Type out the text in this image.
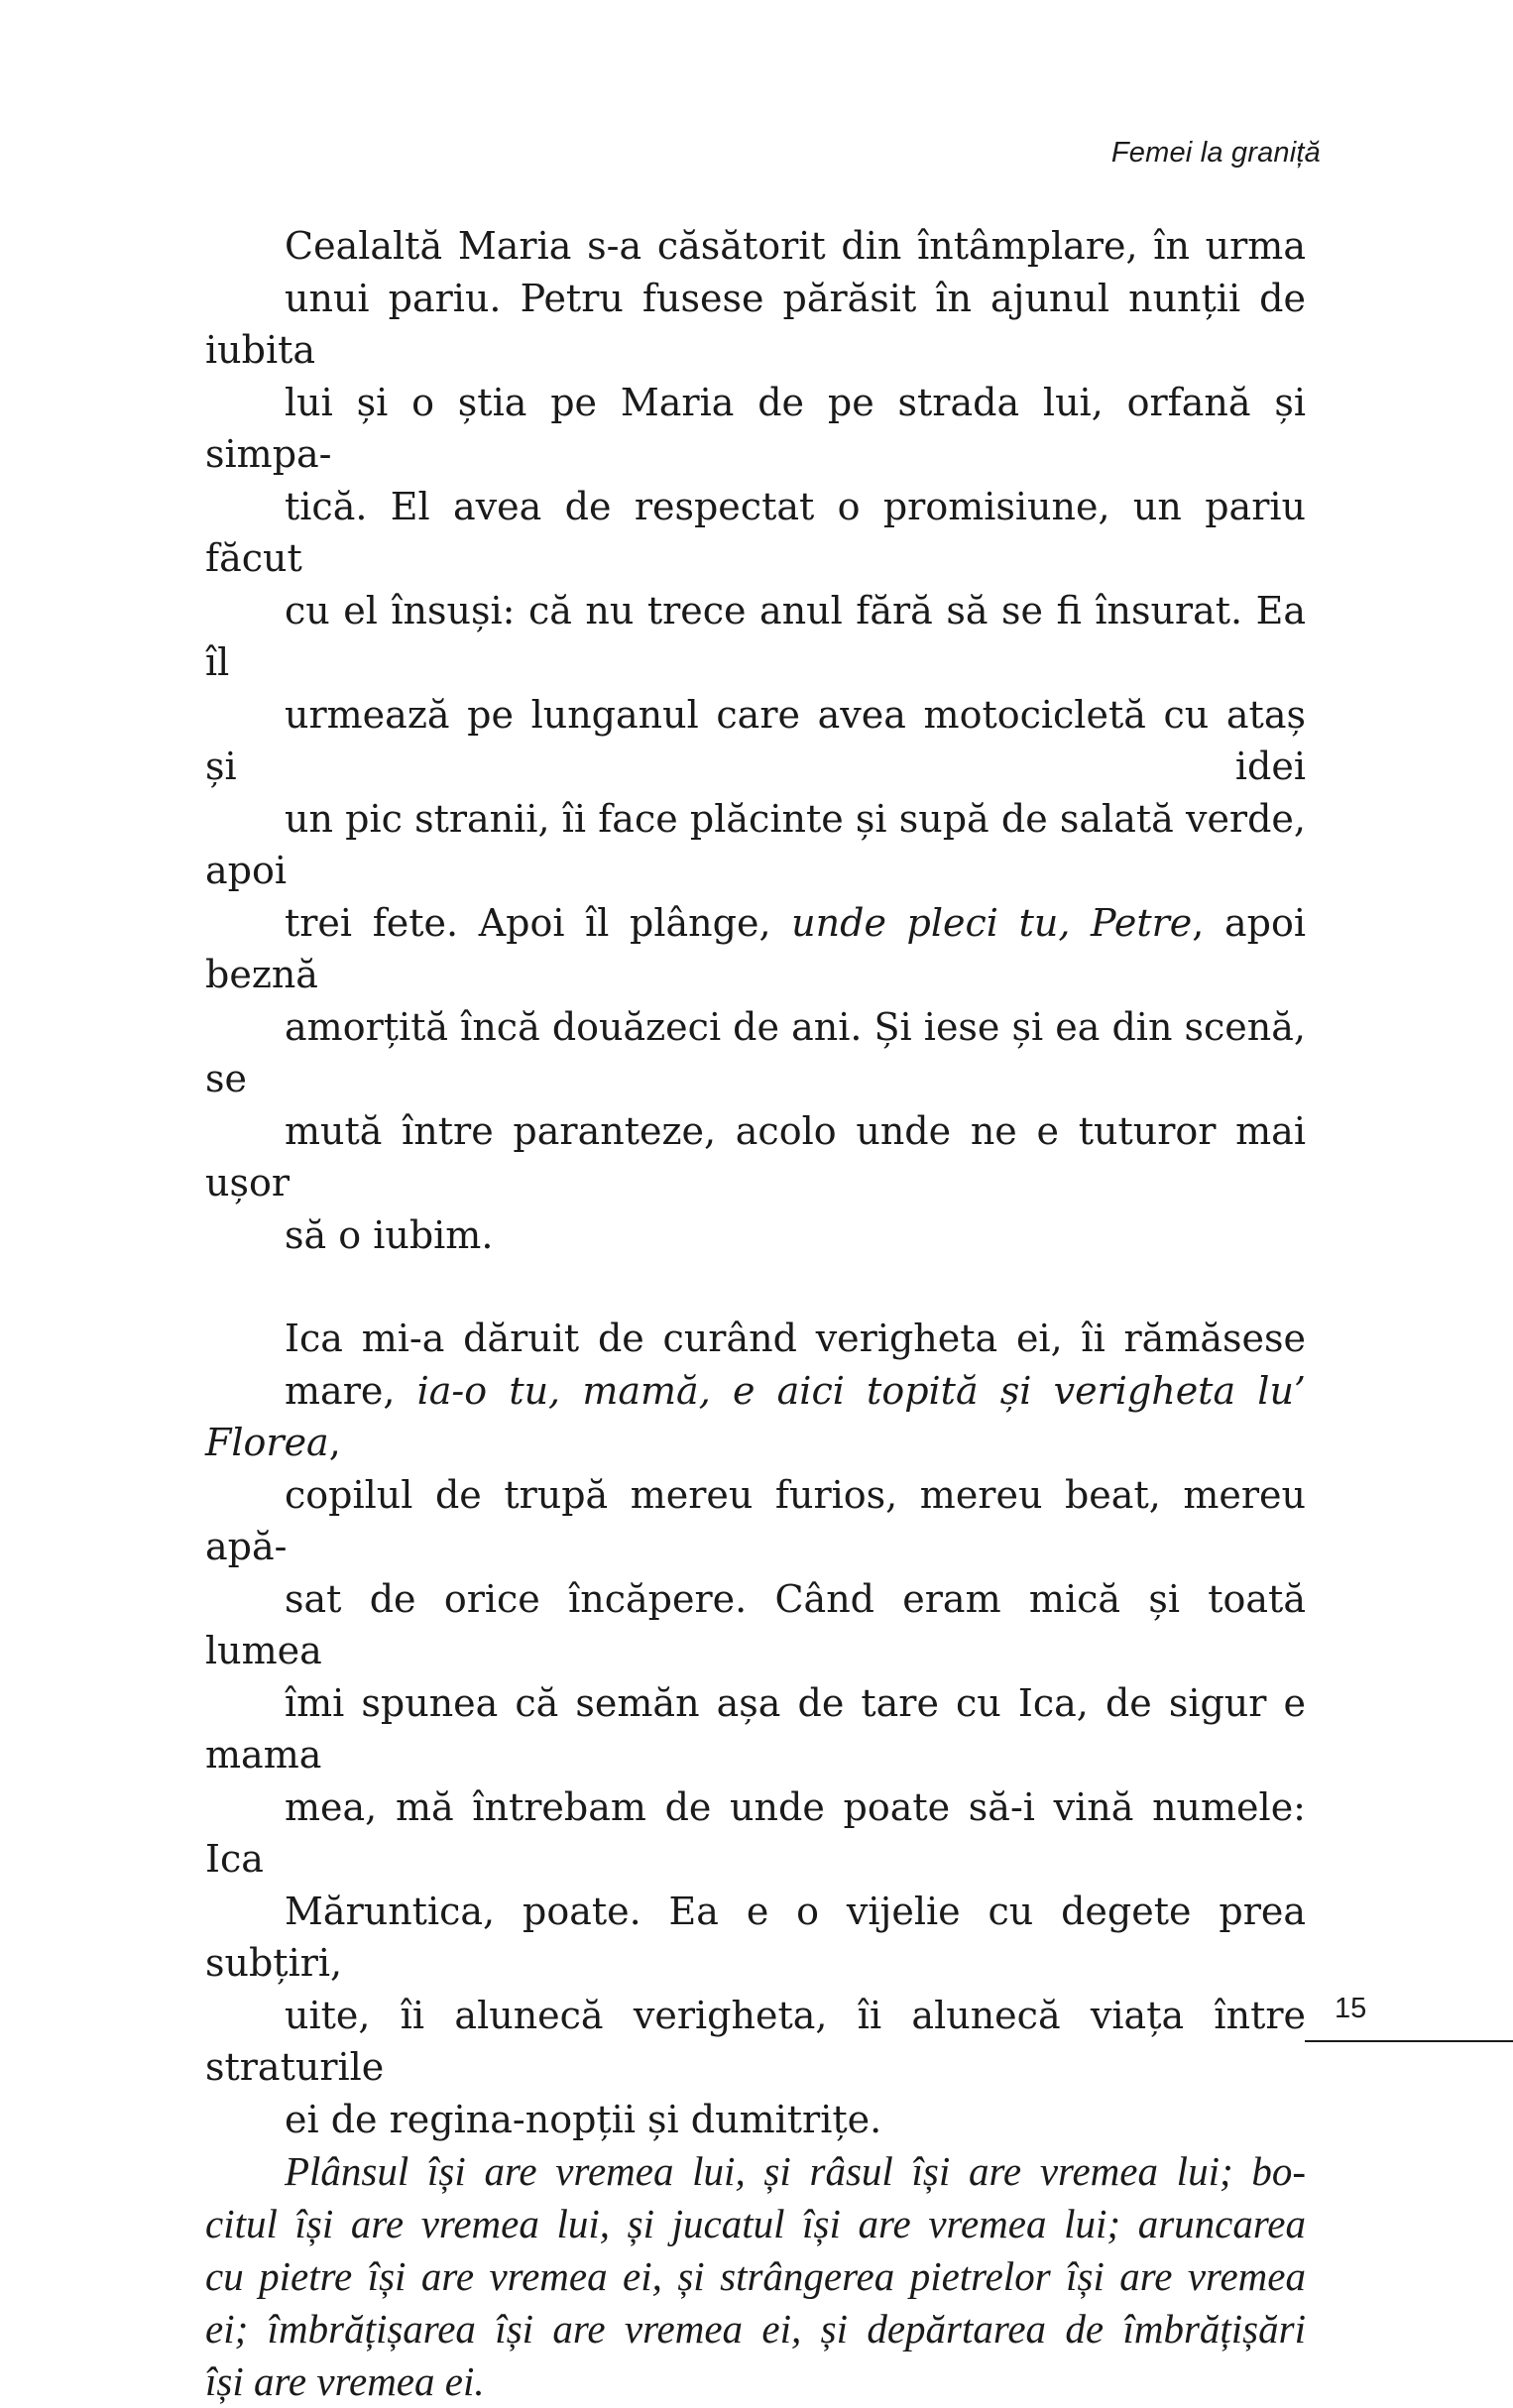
Femei la graniță

Cealaltă Maria s-a căsătorit din întâmplare, în urma
unui pariu. Petru fusese părăsit în ajunul nunții de iubita
lui și o știa pe Maria de pe strada lui, orfană și simpa-
tică. El avea de respectat o promisiune, un pariu făcut
cu el însuși: că nu trece anul fără să se fi însurat. Ea îl
urmează pe lunganul care avea motocicletă cu ataș și idei
un pic stranii, îi face plăcinte și supă de salată verde, apoi
trei fete. Apoi îl plânge, unde pleci tu, Petre, apoi beznă
amorțită încă douăzeci de ani. Și iese și ea din scenă, se
mută între paranteze, acolo unde ne e tuturor mai ușor
să o iubim.

Ica mi-a dăruit de curând verigheta ei, îi rămăsese
mare, ia-o tu, mamă, e aici topită și verigheta lu’ Florea,
copilul de trupă mereu furios, mereu beat, mereu apă-
sat de orice încăpere. Când eram mică și toată lumea
îmi spunea că semăn așa de tare cu Ica, de sigur e mama
mea, mă întrebam de unde poate să-i vină numele: Ica
Măruntica, poate. Ea e o vijelie cu degete prea subțiri,
uite, îi alunecă verigheta, îi alunecă viața între straturile
ei de regina-nopții și dumitrițe.

Plânsul își are vremea lui, și râsul își are vremea lui; bo-
citul își are vremea lui, și jucatul își are vremea lui; aruncarea
cu pietre își are vremea ei, și strângerea pietrelor își are vremea
ei; îmbrățișarea își are vremea ei, și depărtarea de îmbrățișări
își are vremea ei.

15
